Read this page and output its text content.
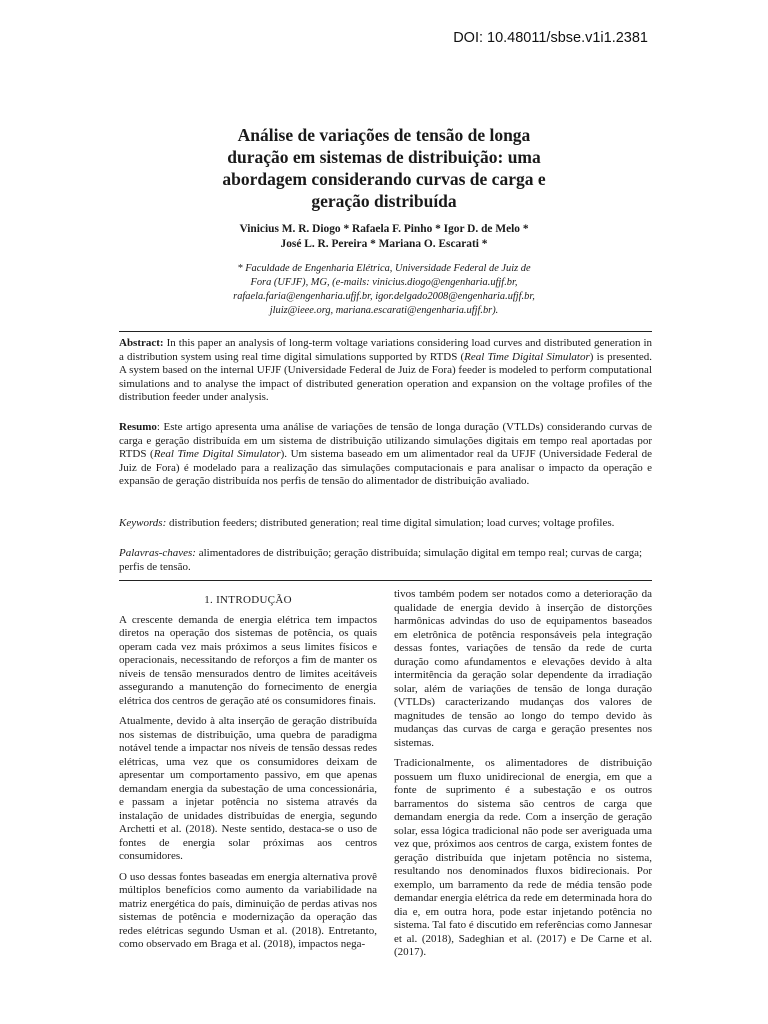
DOI: 10.48011/sbse.v1i1.2381
Análise de variações de tensão de longa
duração em sistemas de distribuição: uma
abordagem considerando curvas de carga e
geração distribuída
Vinicius M. R. Diogo * Rafaela F. Pinho * Igor D. de Melo *
José L. R. Pereira * Mariana O. Escarati *
* Faculdade de Engenharia Elétrica, Universidade Federal de Juiz de
Fora (UFJF), MG, (e-mails: vinicius.diogo@engenharia.ufjf.br,
rafaela.faria@engenharia.ufjf.br, igor.delgado2008@engenharia.ufjf.br,
jluiz@ieee.org, mariana.escarati@engenharia.ufjf.br).

Abstract: In this paper an analysis of long-term voltage variations considering load curves and distributed generation in a distribution system using real time digital simulations supported by RTDS (Real Time Digital Simulator) is presented. A system based on the internal UFJF (Universidade Federal de Juiz de Fora) feeder is modeled to perform computational simulations and to analyse the impact of distributed generation operation and expansion on the voltage profiles of the distribution feeder under analysis.

Resumo: Este artigo apresenta uma análise de variações de tensão de longa duração (VTLDs) considerando curvas de carga e geração distribuída em um sistema de distribuição utilizando simulações digitais em tempo real aportadas por RTDS (Real Time Digital Simulator). Um sistema baseado em um alimentador real da UFJF (Universidade Federal de Juiz de Fora) é modelado para a realização das simulações computacionais e para analisar o impacto da operação e expansão de geração distribuída nos perfis de tensão do alimentador de distribuição avaliado.

Keywords: distribution feeders; distributed generation; real time digital simulation; load curves; voltage profiles.

Palavras-chaves: alimentadores de distribuição; geração distribuída; simulação digital em tempo real; curvas de carga; perfis de tensão.

1. INTRODUÇÃO

A crescente demanda de energia elétrica tem impactos diretos na operação dos sistemas de potência, os quais operam cada vez mais próximos a seus limites físicos e operacionais, necessitando de reforços a fim de manter os níveis de tensão mensurados dentro de limites aceitáveis assegurando a manutenção do fornecimento de energia elétrica dos centros de geração até os consumidores finais.

Atualmente, devido à alta inserção de geração distribuída nos sistemas de distribuição, uma quebra de paradigma notável tende a impactar nos níveis de tensão dessas redes elétricas, uma vez que os consumidores deixam de apresentar um comportamento passivo, em que apenas demandam energia da subestação de uma concessionária, e passam a injetar potência no sistema através da instalação de unidades distribuídas de energia, segundo Archetti et al. (2018). Neste sentido, destaca-se o uso de fontes de energia solar próximas aos centros consumidores.

O uso dessas fontes baseadas em energia alternativa provê múltiplos benefícios como aumento da variabilidade na matriz energética do país, diminuição de perdas ativas nos sistemas de potência e modernização da operação das redes elétricas segundo Usman et al. (2018). Entretanto, como observado em Braga et al. (2018), impactos nega-

tivos também podem ser notados como a deterioração da qualidade de energia devido à inserção de distorções harmônicas advindas do uso de equipamentos baseados em eletrônica de potência responsáveis pela integração dessas fontes, variações de tensão da rede de curta duração como afundamentos e elevações devido à alta intermitência da geração solar dependente da irradiação solar, além de variações de tensão de longa duração (VTLDs) caracterizando mudanças dos valores de magnitudes de tensão ao longo do tempo devido às mudanças das curvas de carga e geração presentes nos sistemas.

Tradicionalmente, os alimentadores de distribuição possuem um fluxo unidirecional de energia, em que a fonte de suprimento é a subestação e os outros barramentos do sistema são centros de carga que demandam energia da rede. Com a inserção de geração solar, essa lógica tradicional não pode ser averiguada uma vez que, próximos aos centros de carga, existem fontes de geração distribuída que injetam potência no sistema, resultando nos denominados fluxos bidirecionais. Por exemplo, um barramento da rede de média tensão pode demandar energia elétrica da rede em determinada hora do dia e, em outra hora, pode estar injetando potência no sistema. Tal fato é discutido em referências como Jannesar et al. (2018), Sadeghian et al. (2017) e De Carne et al. (2017).
